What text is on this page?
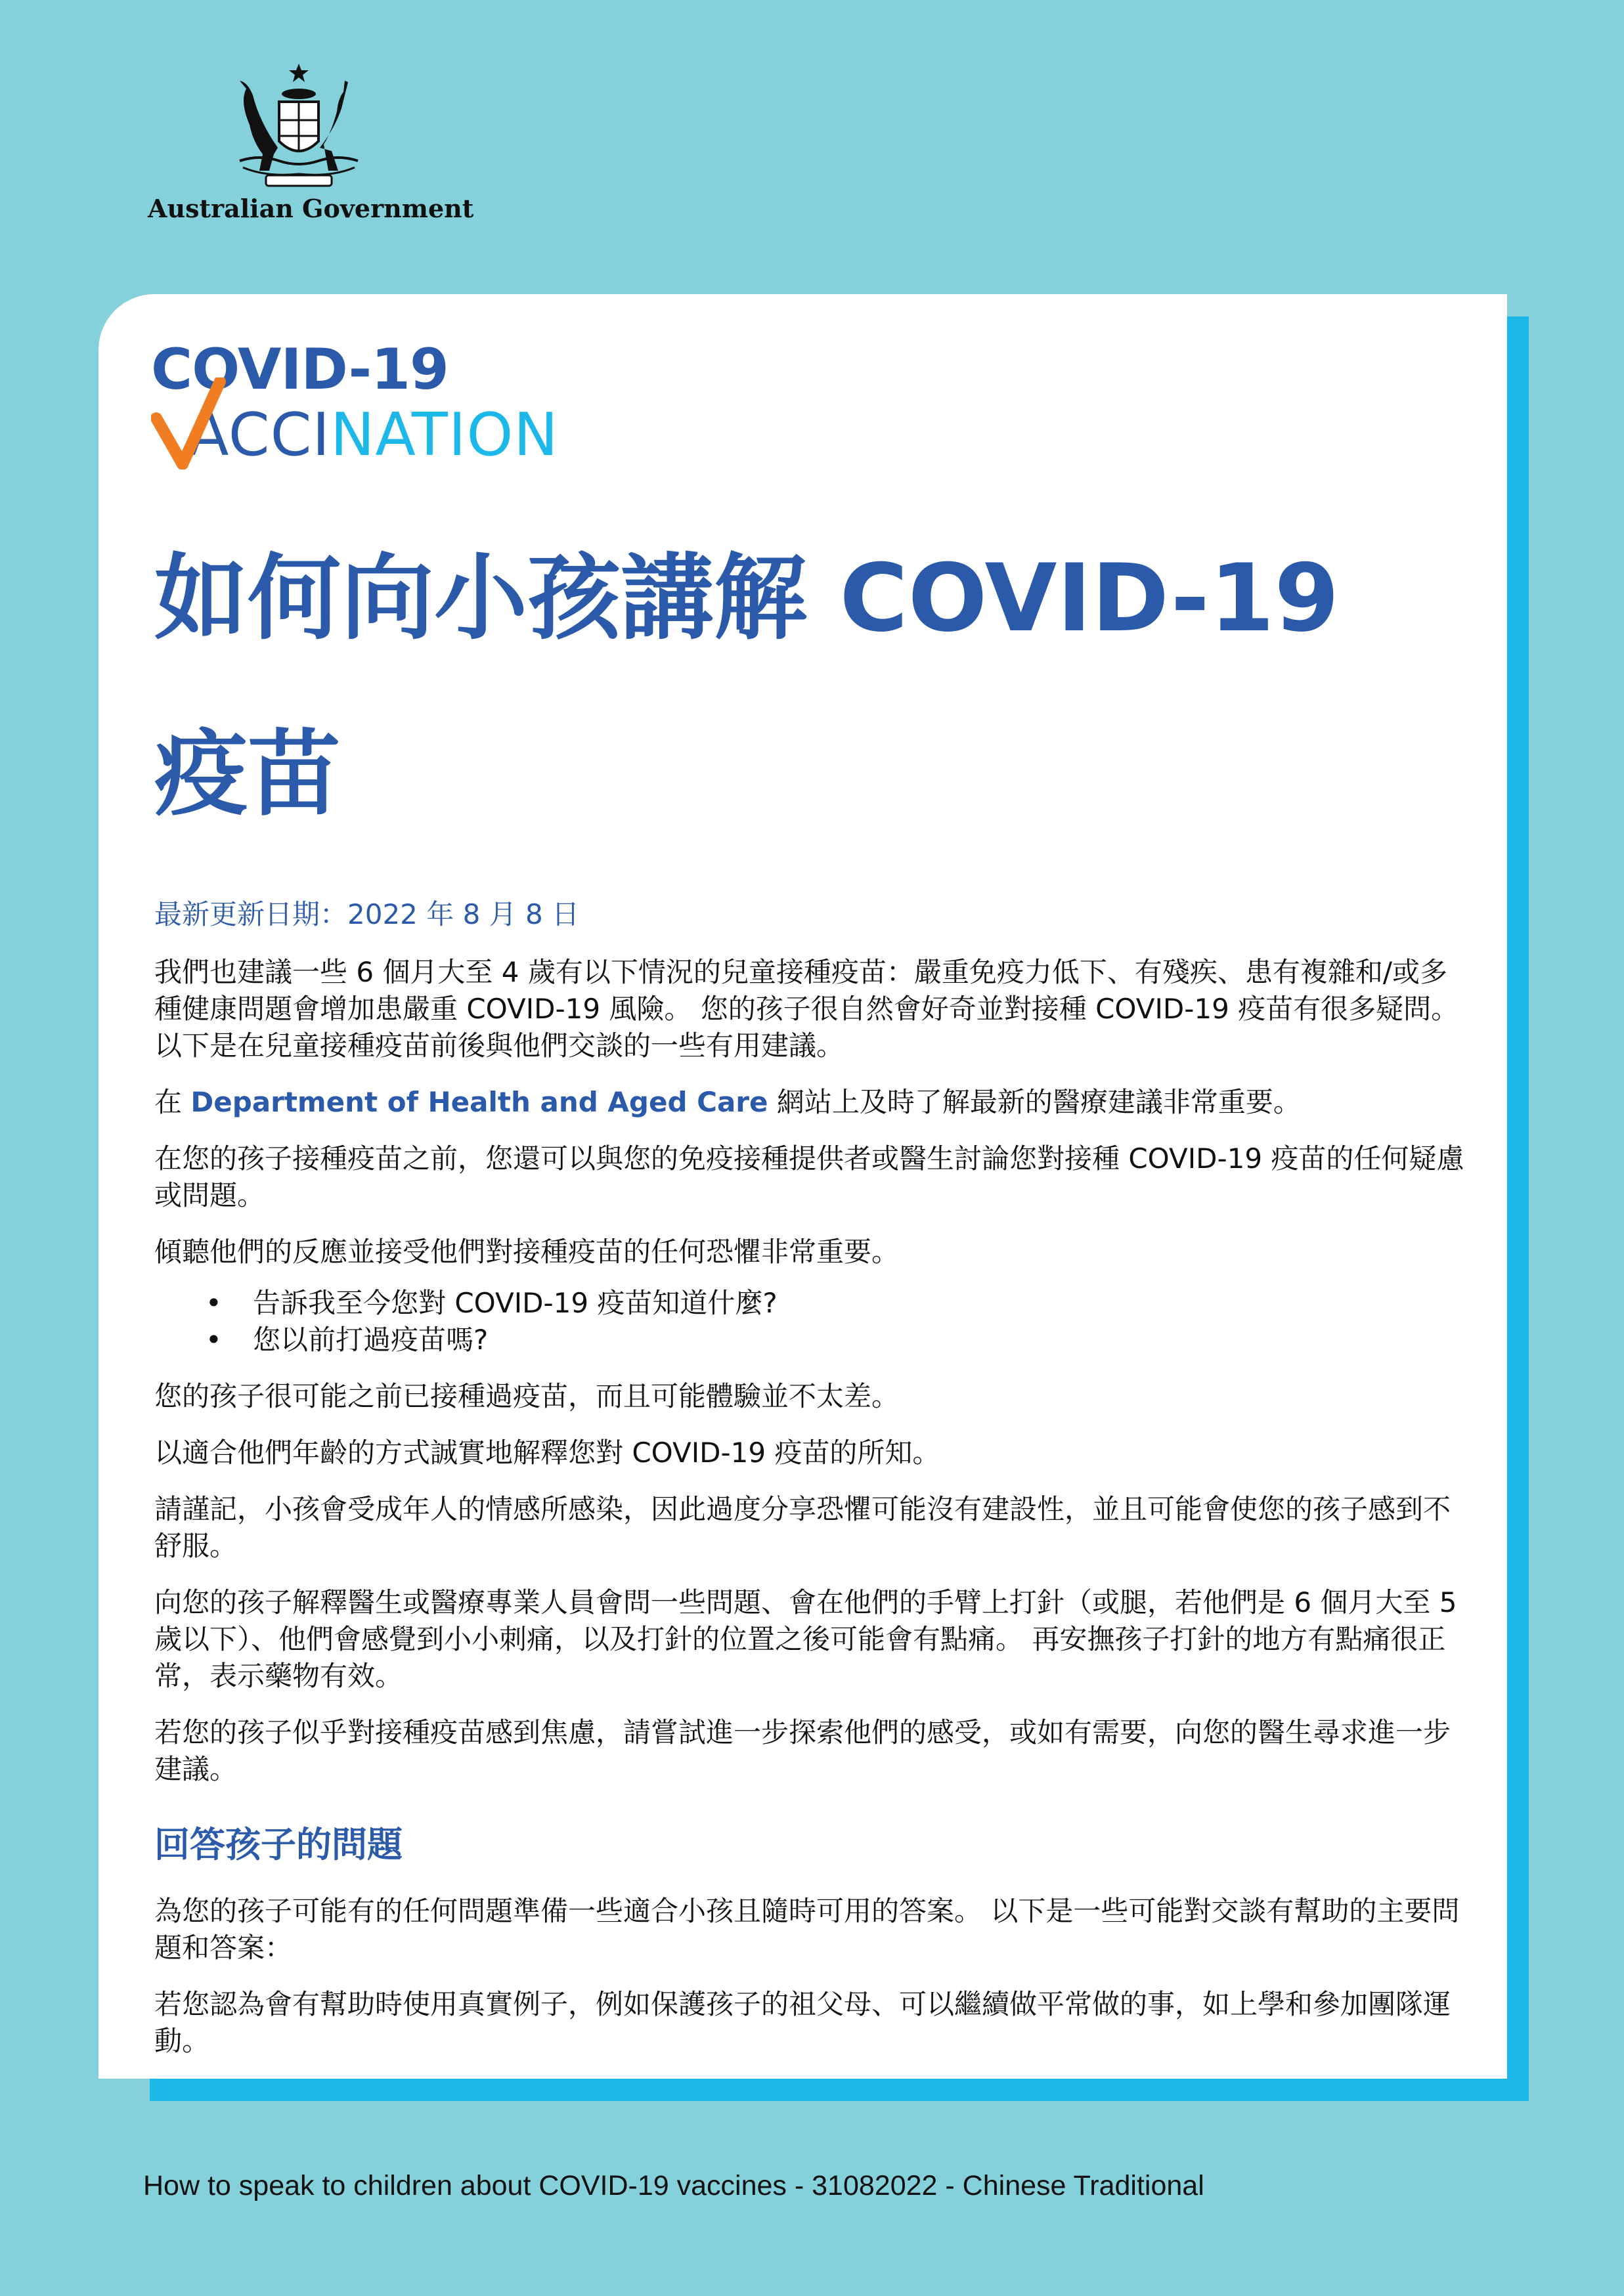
Australian Government
COVID-19
ACCINATION
如何向小孩講解 COVID-19
疫苗
最新更新日期：2022 年 8 月 8 日

我們也建議一些 6 個月大至 4 歲有以下情況的兒童接種疫苗：嚴重免疫力低下、有殘疾、患有複雜和/或多種健康問題會增加患嚴重 COVID-19 風險。 您的孩子很自然會好奇並對接種 COVID-19 疫苗有很多疑問。以下是在兒童接種疫苗前後與他們交談的一些有用建議。

在 Department of Health and Aged Care 網站上及時了解最新的醫療建議非常重要。

在您的孩子接種疫苗之前，您還可以與您的免疫接種提供者或醫生討論您對接種 COVID-19 疫苗的任何疑慮或問題。

傾聽他們的反應並接受他們對接種疫苗的任何恐懼非常重要。

• 告訴我至今您對 COVID-19 疫苗知道什麼?
• 您以前打過疫苗嗎?

您的孩子很可能之前已接種過疫苗，而且可能體驗並不太差。

以適合他們年齡的方式誠實地解釋您對 COVID-19 疫苗的所知。

請謹記，小孩會受成年人的情感所感染，因此過度分享恐懼可能沒有建設性，並且可能會使您的孩子感到不舒服。

向您的孩子解釋醫生或醫療專業人員會問一些問題、會在他們的手臂上打針（或腿，若他們是 6 個月大至 5 歲以下）、他們會感覺到小小刺痛，以及打針的位置之後可能會有點痛。 再安撫孩子打針的地方有點痛很正常，表示藥物有效。

若您的孩子似乎對接種疫苗感到焦慮，請嘗試進一步探索他們的感受，或如有需要，向您的醫生尋求進一步建議。

回答孩子的問題

為您的孩子可能有的任何問題準備一些適合小孩且隨時可用的答案。 以下是一些可能對交談有幫助的主要問題和答案：

若您認為會有幫助時使用真實例子，例如保護孩子的祖父母、可以繼續做平常做的事，如上學和參加團隊運動。

How to speak to children about COVID-19 vaccines - 31082022 - Chinese Traditional
